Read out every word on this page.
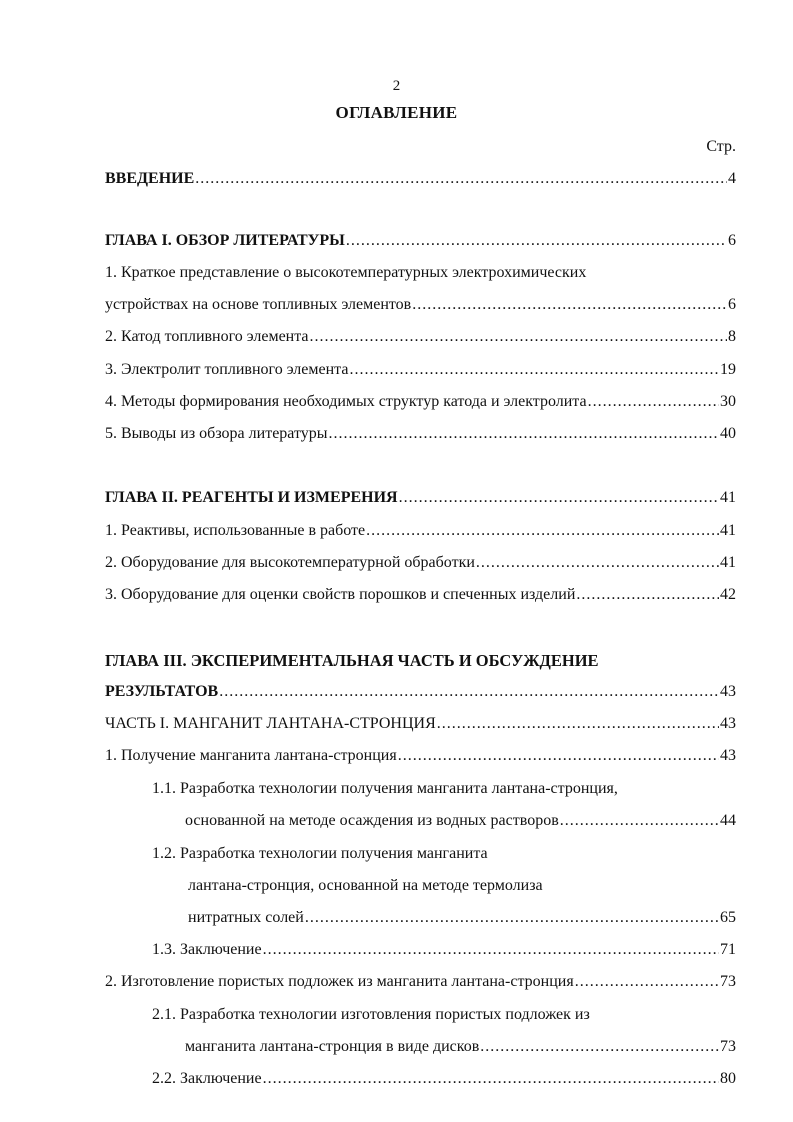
2
ОГЛАВЛЕНИЕ
Стр.
ВВЕДЕНИЕ .....	4
ГЛАВА I. ОБЗОР ЛИТЕРАТУРЫ .....	6
1. Краткое представление о высокотемпературных электрохимических
устройствах на основе топливных элементов .....	6
2. Катод топливного элемента .....	8
3. Электролит топливного элемента .....	19
4. Методы формирования необходимых структур катода и электролита .....	30
5. Выводы из обзора литературы .....	40
ГЛАВА II. РЕАГЕНТЫ И ИЗМЕРЕНИЯ .....	41
1. Реактивы, использованные в работе .....	41
2. Оборудование для высокотемпературной обработки .....	41
3. Оборудование для оценки свойств порошков и спеченных изделий .....	42
ГЛАВА III. ЭКСПЕРИМЕНТАЛЬНАЯ ЧАСТЬ И ОБСУЖДЕНИЕ
РЕЗУЛЬТАТОВ .....	43
ЧАСТЬ I. МАНГАНИТ ЛАНТАНА-СТРОНЦИЯ .....	43
1. Получение манганита лантана-стронция .....	43
1.1. Разработка технологии получения манганита лантана-стронция,
основанной на методе осаждения из водных растворов .....	44
1.2. Разработка технологии получения манганита
лантана-стронция, основанной на методе термолиза
нитратных солей .....	65
1.3. Заключение .....	71
2. Изготовление пористых подложек из манганита лантана-стронция .....	73
2.1. Разработка технологии изготовления пористых подложек из
манганита лантана-стронция в виде дисков .....	73
2.2. Заключение .....	80
